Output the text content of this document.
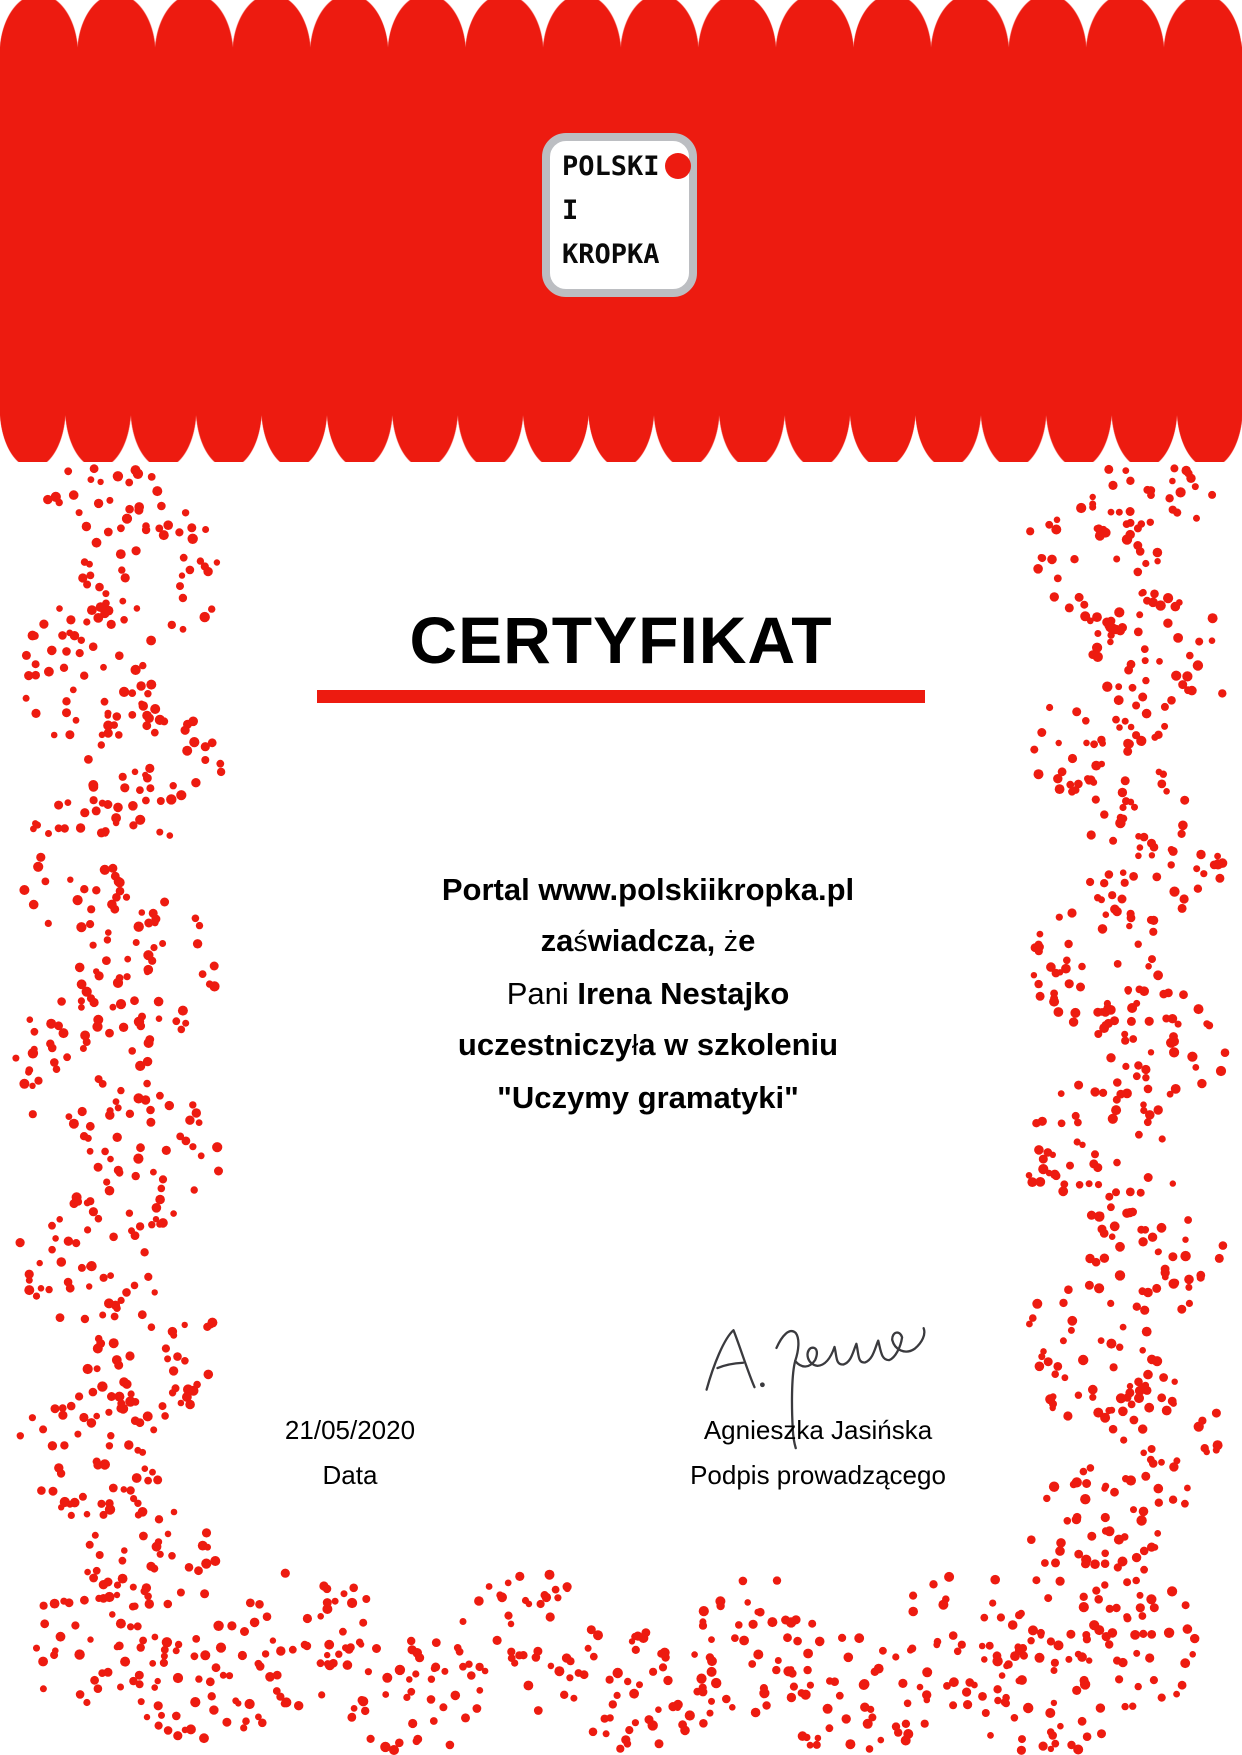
POLSKI
I
KROPKA
CERTYFIKAT
Portal www.polskiikropka.pl
zaświadcza, że
Pani Irena Nestajko
uczestniczyła w szkoleniu
"Uczymy gramatyki"
21/05/2020
Data
Agnieszka Jasińska
Podpis prowadzącego
